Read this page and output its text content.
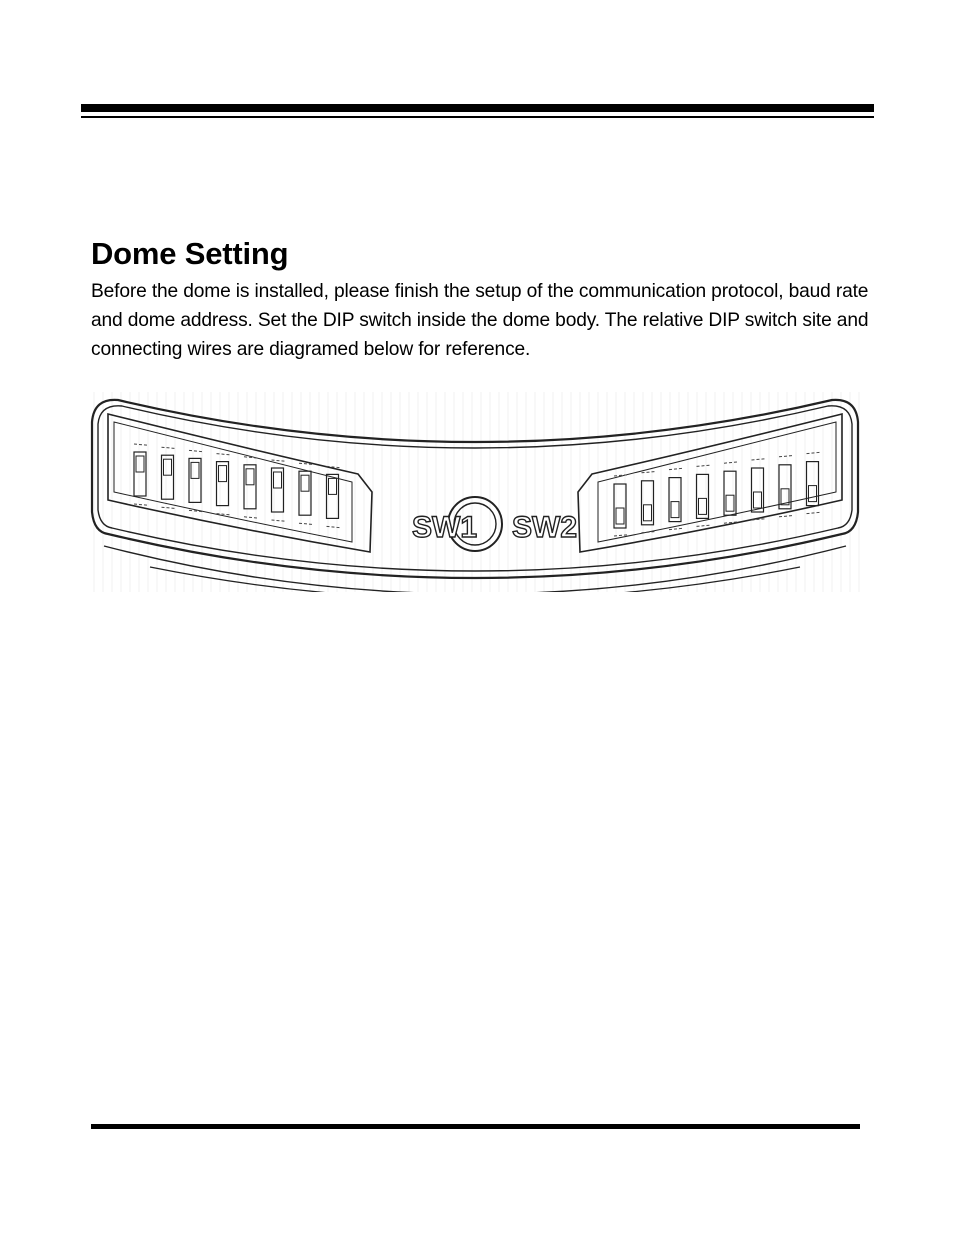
Dome Setting

Before the dome is installed, please finish the setup of the communication protocol, baud rate and dome address. Set the DIP switch inside the dome body. The relative DIP switch site and connecting wires are diagramed below for reference.

SW1 SW2
